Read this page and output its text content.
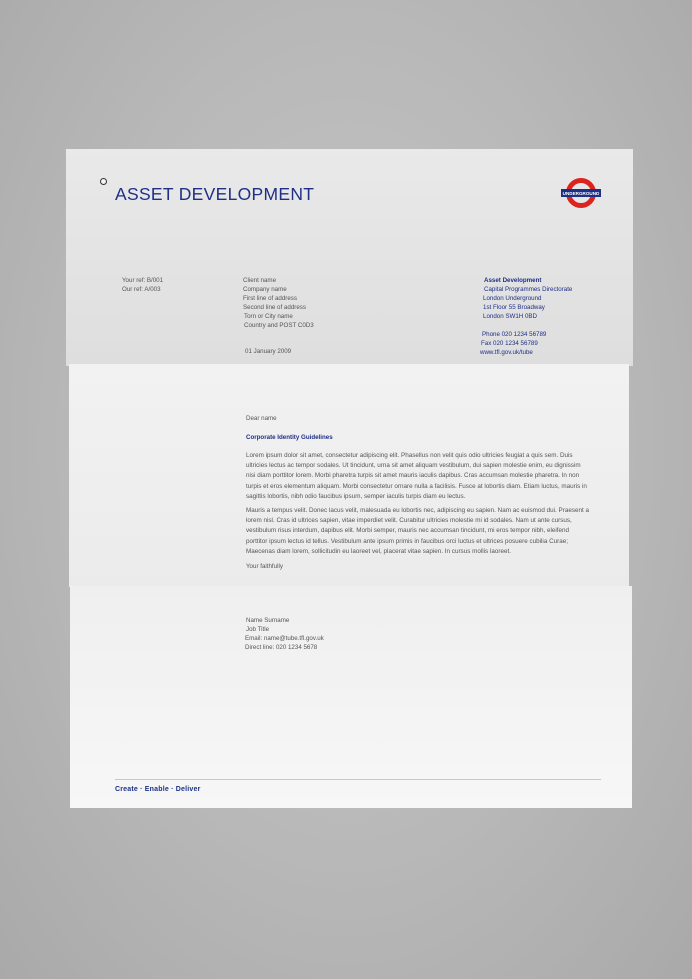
ASSET DEVELOPMENT	UNDERGROUND
Your ref: B/001
Our ref: A/003
Client name
Company name
First line of address
Second line of address
Torn or City name
Country and POST C0D3
01 January 2009
Asset Development
Capital Programmes Directorate
London Underground
1st Floor 55 Broadway
London SW1H 0BD
Phone 020 1234 56789
Fax 020 1234 56789
www.tfl.gov.uk/tube
Dear name
Corporate Identity Guidelines

Lorem ipsum dolor sit amet, consectetur adipiscing elit. Phasellus non velit quis odio ultricies feugiat a quis sem. Duis ultricies lectus ac tempor sodales. Ut tincidunt, urna sit amet aliquam vestibulum, dui sapien molestie enim, eu dignissim nisi diam porttitor lorem. Morbi pharetra turpis sit amet mauris iaculis dapibus. Cras accumsan molestie pharetra. In non turpis et eros elementum aliquam. Morbi consectetur ornare nulla a facilisis. Fusce at lobortis diam. Etiam luctus, mauris in sagittis lobortis, nibh odio faucibus ipsum, semper iaculis turpis diam eu lectus.

Mauris a tempus velit. Donec lacus velit, malesuada eu lobortis nec, adipiscing eu sapien. Nam ac euismod dui. Praesent a lorem nisl. Cras id ultrices sapien, vitae imperdiet velit. Curabitur ultricies molestie mi id sodales. Nam ut ante cursus, vestibulum risus interdum, dapibus elit. Morbi semper, mauris nec accumsan tincidunt, mi eros tempor nibh, eleifend porttitor ipsum lectus id tellus. Vestibulum ante ipsum primis in faucibus orci luctus et ultrices posuere cubilia Curae; Maecenas diam lorem, sollicitudin eu laoreet vel, placerat vitae sapien. In cursus mollis laoreet.

Your faithfully
Name Surname
Job Title
Email: name@tube.tfl.gov.uk
Direct line: 020 1234 5678
Create · Enable · Deliver
